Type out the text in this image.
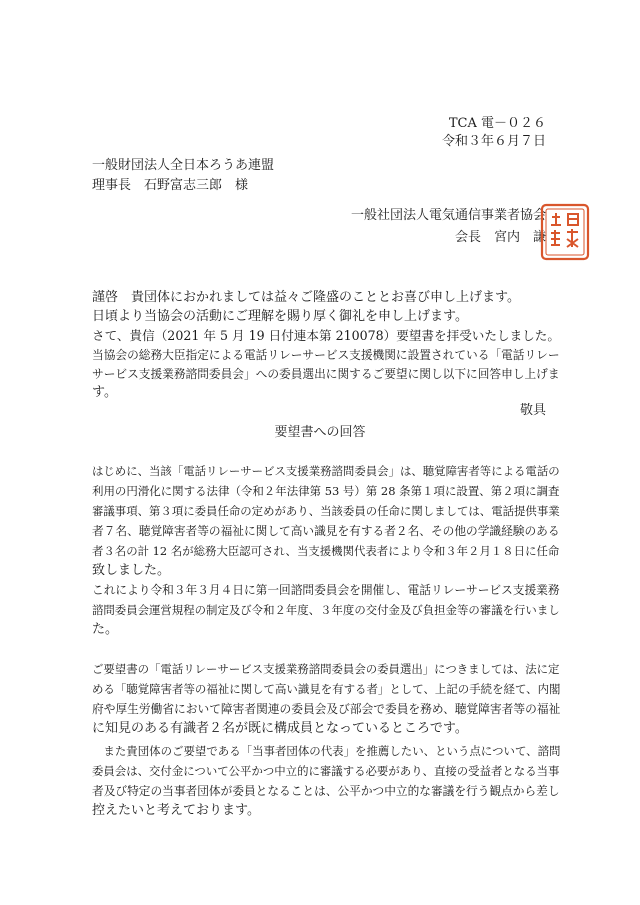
TCA 電－０２６
令和３年６月７日
一般財団法人全日本ろうあ連盟
理事長　石野富志三郎　様
一般社団法人電気通信事業者協会
会長　宮内　謙
謹啓　貴団体におかれましては益々ご隆盛のこととお喜び申し上げます。
日頃より当協会の活動にご理解を賜り厚く御礼を申し上げます。
さて、貴信（2021 年 5 月 19 日付連本第 210078）要望書を拝受いたしました。
当協会の総務大臣指定による電話リレーサービス支援機関に設置されている「電話リレー
サービス支援業務諮問委員会」への委員選出に関するご要望に関し以下に回答申し上げま
す。
敬具
要望書への回答
はじめに、当該「電話リレーサービス支援業務諮問委員会」は、聴覚障害者等による電話の
利用の円滑化に関する法律（令和２年法律第 53 号）第 28 条第１項に設置、第２項に調査
審議事項、第３項に委員任命の定めがあり、当該委員の任命に関しましては、電話提供事業
者７名、聴覚障害者等の福祉に関して高い識見を有する者２名、その他の学識経験のある
者３名の計 12 名が総務大臣認可され、当支援機関代表者により令和３年２月１８日に任命
致しました。
これにより令和３年３月４日に第一回諮問委員会を開催し、電話リレーサービス支援業務
諮問委員会運営規程の制定及び令和２年度、３年度の交付金及び負担金等の審議を行いまし
た。
ご要望書の「電話リレーサービス支援業務諮問委員会の委員選出」につきましては、法に定
める「聴覚障害者等の福祉に関して高い識見を有する者」として、上記の手続を経て、内閣
府や厚生労働省において障害者関連の委員会及び部会で委員を務め、聴覚障害者等の福祉
に知見のある有識者２名が既に構成員となっているところです。
　また貴団体のご要望である「当事者団体の代表」を推薦したい、という点について、諮問
委員会は、交付金について公平かつ中立的に審議する必要があり、直接の受益者となる当事
者及び特定の当事者団体が委員となることは、公平かつ中立的な審議を行う観点から差し
控えたいと考えております。
